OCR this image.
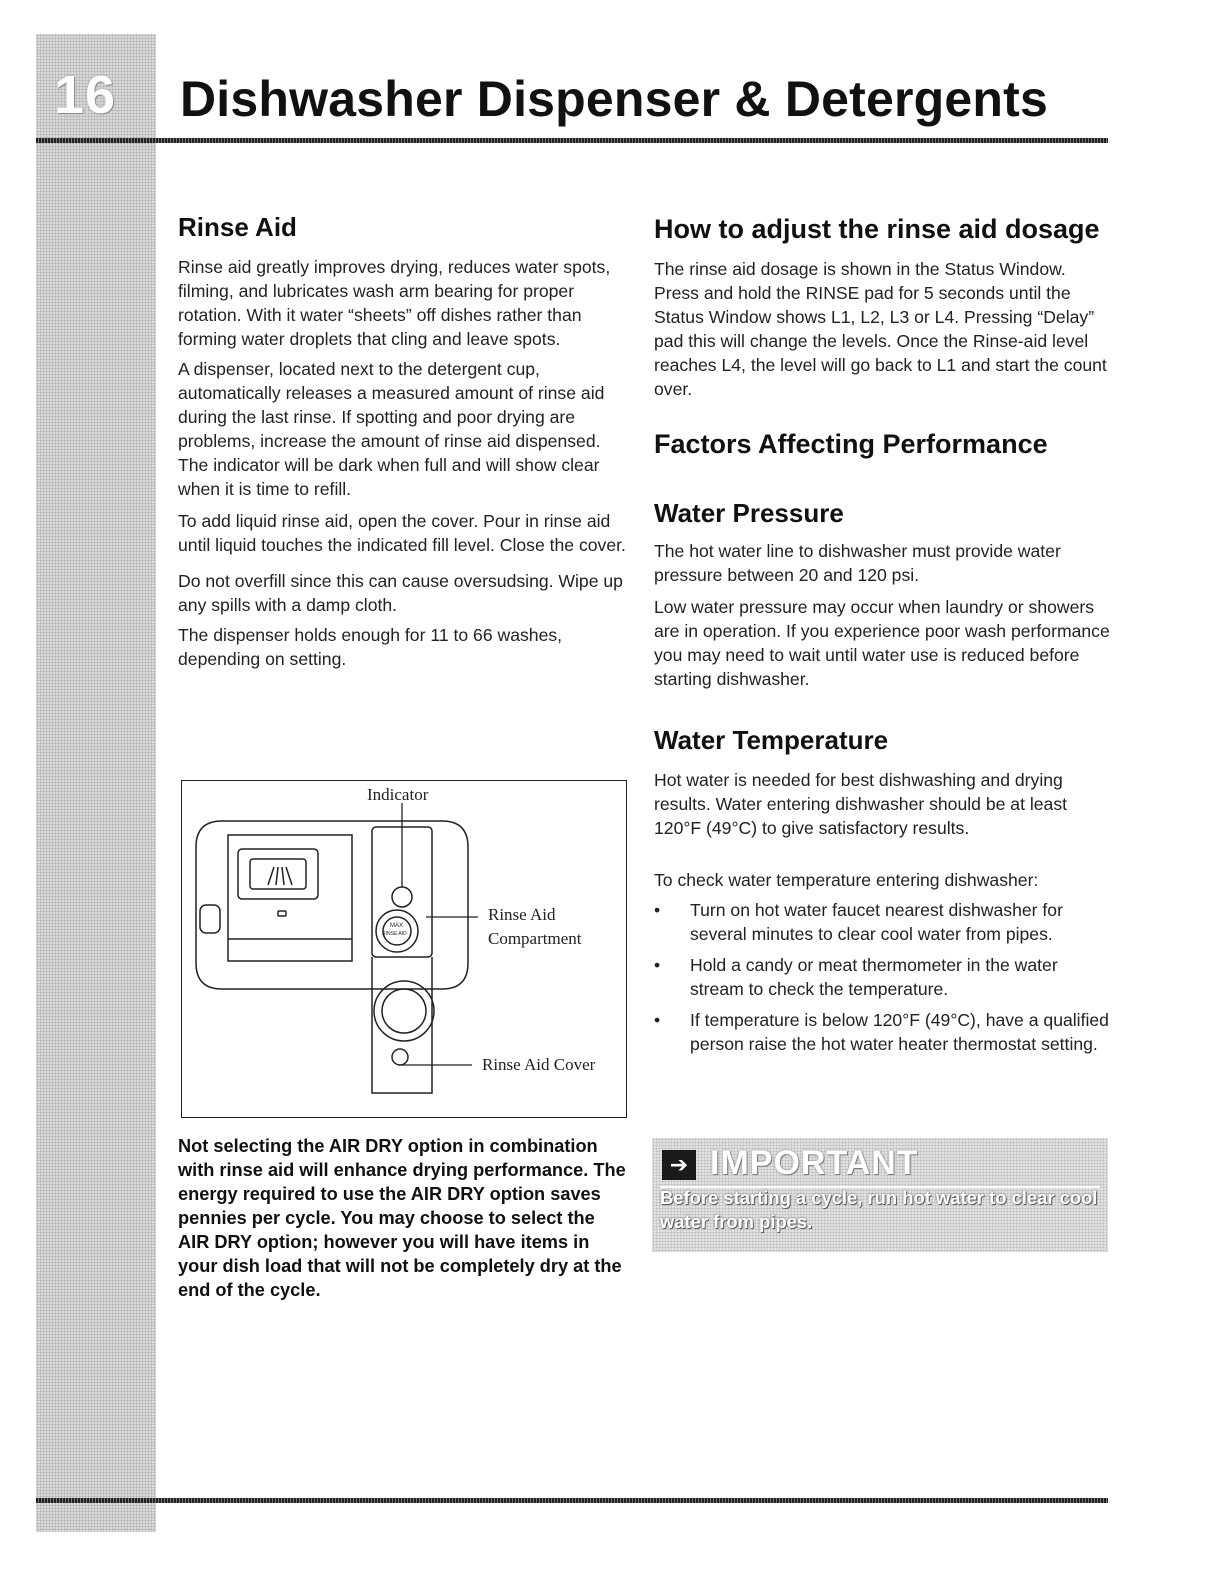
16 Dishwasher Dispenser & Detergents
Rinse Aid

Rinse aid greatly improves drying, reduces water spots, filming, and lubricates wash arm bearing for proper rotation. With it water “sheets” off dishes rather than forming water droplets that cling and leave spots.

A dispenser, located next to the detergent cup, automatically releases a measured amount of rinse aid during the last rinse. If spotting and poor drying are problems, increase the amount of rinse aid dispensed. The indicator will be dark when full and will show clear when it is time to refill.

To add liquid rinse aid, open the cover. Pour in rinse aid until liquid touches the indicated fill level. Close the cover.

Do not overfill since this can cause oversudsing. Wipe up any spills with a damp cloth.

The dispenser holds enough for 11 to 66 washes, depending on setting.

MAX
RINSE AID
Indicator
Rinse Aid
Compartment
Rinse Aid Cover

Not selecting the AIR DRY option in combination with rinse aid will enhance drying performance. The energy required to use the AIR DRY option saves pennies per cycle. You may choose to select the AIR DRY option; however you will have items in your dish load that will not be completely dry at the end of the cycle.

How to adjust the rinse aid dosage

The rinse aid dosage is shown in the Status Window. Press and hold the RINSE pad for 5 seconds until the Status Window shows L1, L2, L3 or L4. Pressing “Delay” pad this will change the levels. Once the Rinse-aid level reaches L4, the level will go back to L1 and start the count over.

Factors Affecting Performance
Water Pressure

The hot water line to dishwasher must provide water pressure between 20 and 120 psi.

Low water pressure may occur when laundry or showers are in operation. If you experience poor wash performance you may need to wait until water use is reduced before starting dishwasher.

Water Temperature

Hot water is needed for best dishwashing and drying results. Water entering dishwasher should be at least 120°F (49°C) to give satisfactory results.

To check water temperature entering dishwasher:

• Turn on hot water faucet nearest dishwasher for several minutes to clear cool water from pipes.
• Hold a candy or meat thermometer in the water stream to check the temperature.
• If temperature is below 120°F (49°C), have a qualified person raise the hot water heater thermostat setting.
➔ IMPORTANT
Before starting a cycle, run hot water to clear cool water from pipes.
